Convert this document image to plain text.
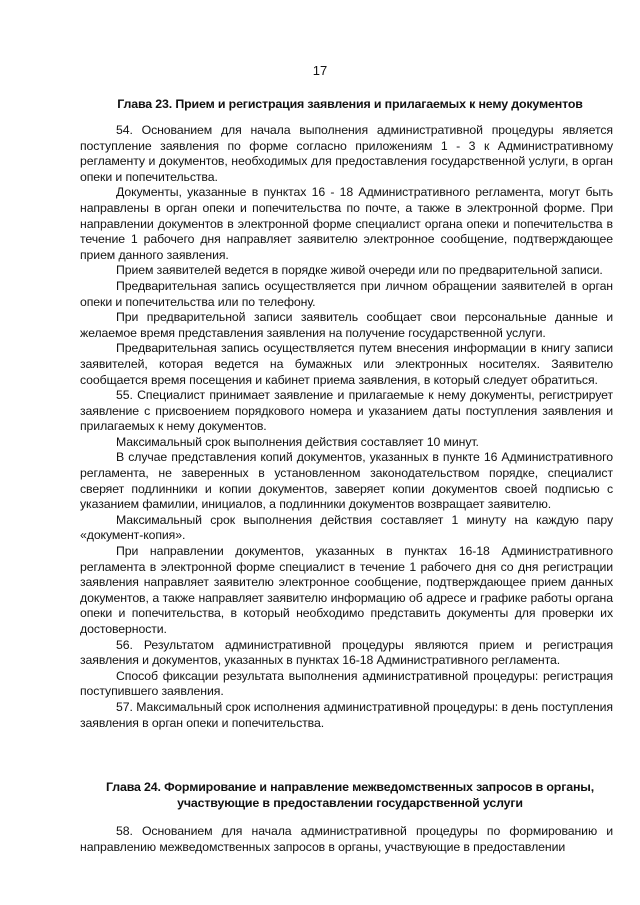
17
Глава 23. Прием и регистрация заявления и прилагаемых к нему документов

54. Основанием для начала выполнения административной процедуры является поступление заявления по форме согласно приложениям 1 - 3 к Административному регламенту и документов, необходимых для предоставления государственной услуги, в орган опеки и попечительства.

Документы, указанные в пунктах 16 - 18 Административного регламента, могут быть направлены в орган опеки и попечительства по почте, а также в электронной форме. При направлении документов в электронной форме специалист органа опеки и попечительства в течение 1 рабочего дня направляет заявителю электронное сообщение, подтверждающее прием данного заявления.

Прием заявителей ведется в порядке живой очереди или по предварительной записи.

Предварительная запись осуществляется при личном обращении заявителей в орган опеки и попечительства или по телефону.

При предварительной записи заявитель сообщает свои персональные данные и желаемое время представления заявления на получение государственной услуги.

Предварительная запись осуществляется путем внесения информации в книгу записи заявителей, которая ведется на бумажных или электронных носителях. Заявителю сообщается время посещения и кабинет приема заявления, в который следует обратиться.

55. Специалист принимает заявление и прилагаемые к нему документы, регистрирует заявление с присвоением порядкового номера и указанием даты поступления заявления и прилагаемых к нему документов.

Максимальный срок выполнения действия составляет 10 минут.

В случае представления копий документов, указанных в пункте 16 Административного регламента, не заверенных в установленном законодательством порядке, специалист сверяет подлинники и копии документов, заверяет копии документов своей подписью с указанием фамилии, инициалов, а подлинники документов возвращает заявителю.

Максимальный срок выполнения действия составляет 1 минуту на каждую пару «документ-копия».

При направлении документов, указанных в пунктах 16-18 Административного регламента в электронной форме специалист в течение 1 рабочего дня со дня регистрации заявления направляет заявителю электронное сообщение, подтверждающее прием данных документов, а также направляет заявителю информацию об адресе и графике работы органа опеки и попечительства, в который необходимо представить документы для проверки их достоверности.

56. Результатом административной процедуры являются прием и регистрация заявления и документов, указанных в пунктах 16-18 Административного регламента.

Способ фиксации результата выполнения административной процедуры: регистрация поступившего заявления.

57. Максимальный срок исполнения административной процедуры: в день поступления заявления в орган опеки и попечительства.

Глава 24. Формирование и направление межведомственных запросов в органы,
участвующие в предоставлении государственной услуги

58. Основанием для начала административной процедуры по формированию и направлению межведомственных запросов в органы, участвующие в предоставлении
